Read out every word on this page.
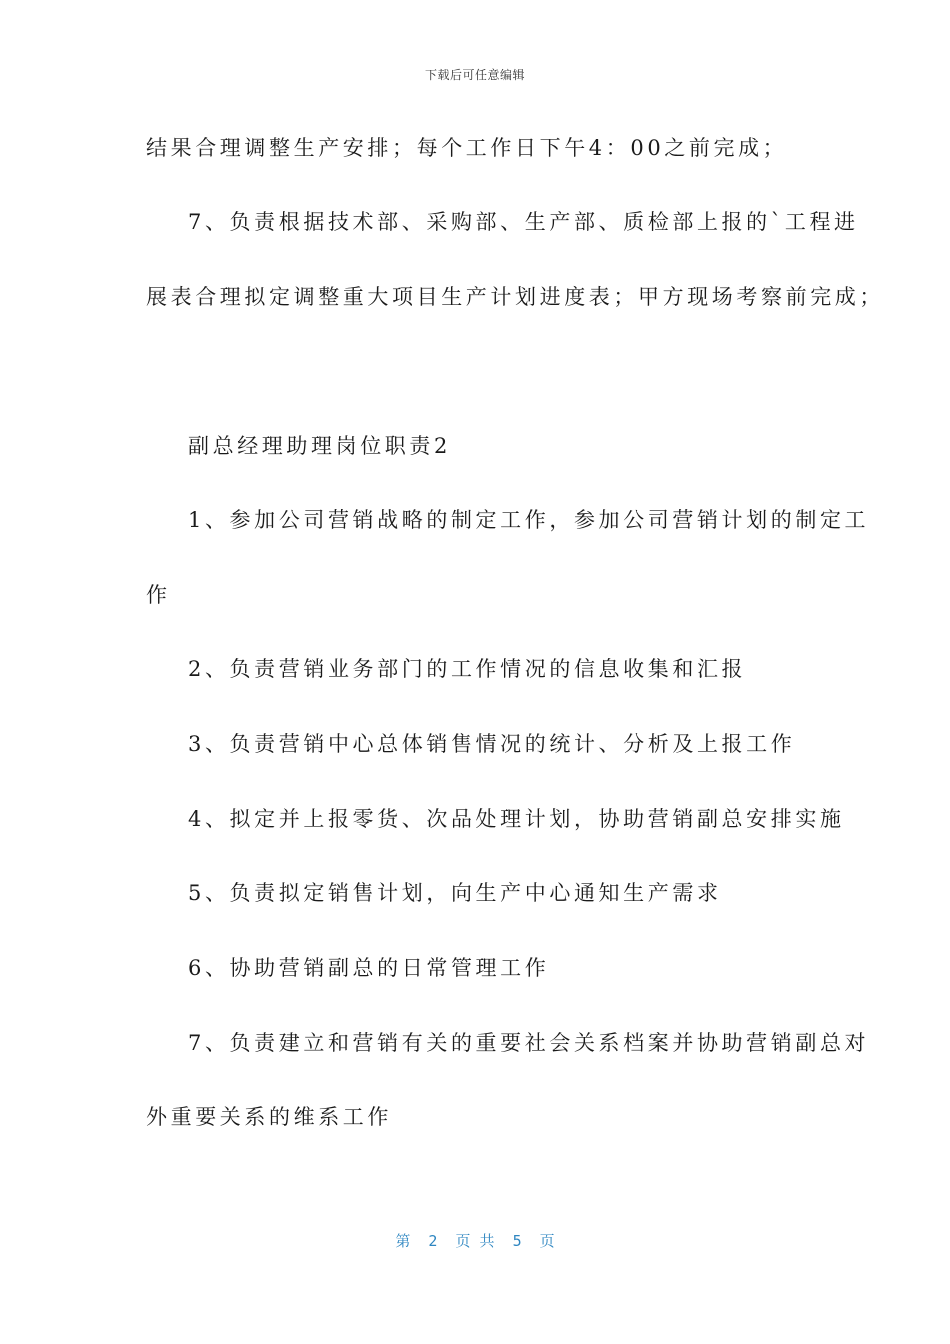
下载后可任意编辑
结果合理调整生产安排；每个工作日下午4：00之前完成；
7、负责根据技术部、采购部、生产部、质检部上报的`工程进
展表合理拟定调整重大项目生产计划进度表；甲方现场考察前完成；
副总经理助理岗位职责2
1、参加公司营销战略的制定工作，参加公司营销计划的制定工
作
2、负责营销业务部门的工作情况的信息收集和汇报
3、负责营销中心总体销售情况的统计、分析及上报工作
4、拟定并上报零货、次品处理计划，协助营销副总安排实施
5、负责拟定销售计划，向生产中心通知生产需求
6、协助营销副总的日常管理工作
7、负责建立和营销有关的重要社会关系档案并协助营销副总对
外重要关系的维系工作
第  2  页 共  5  页
